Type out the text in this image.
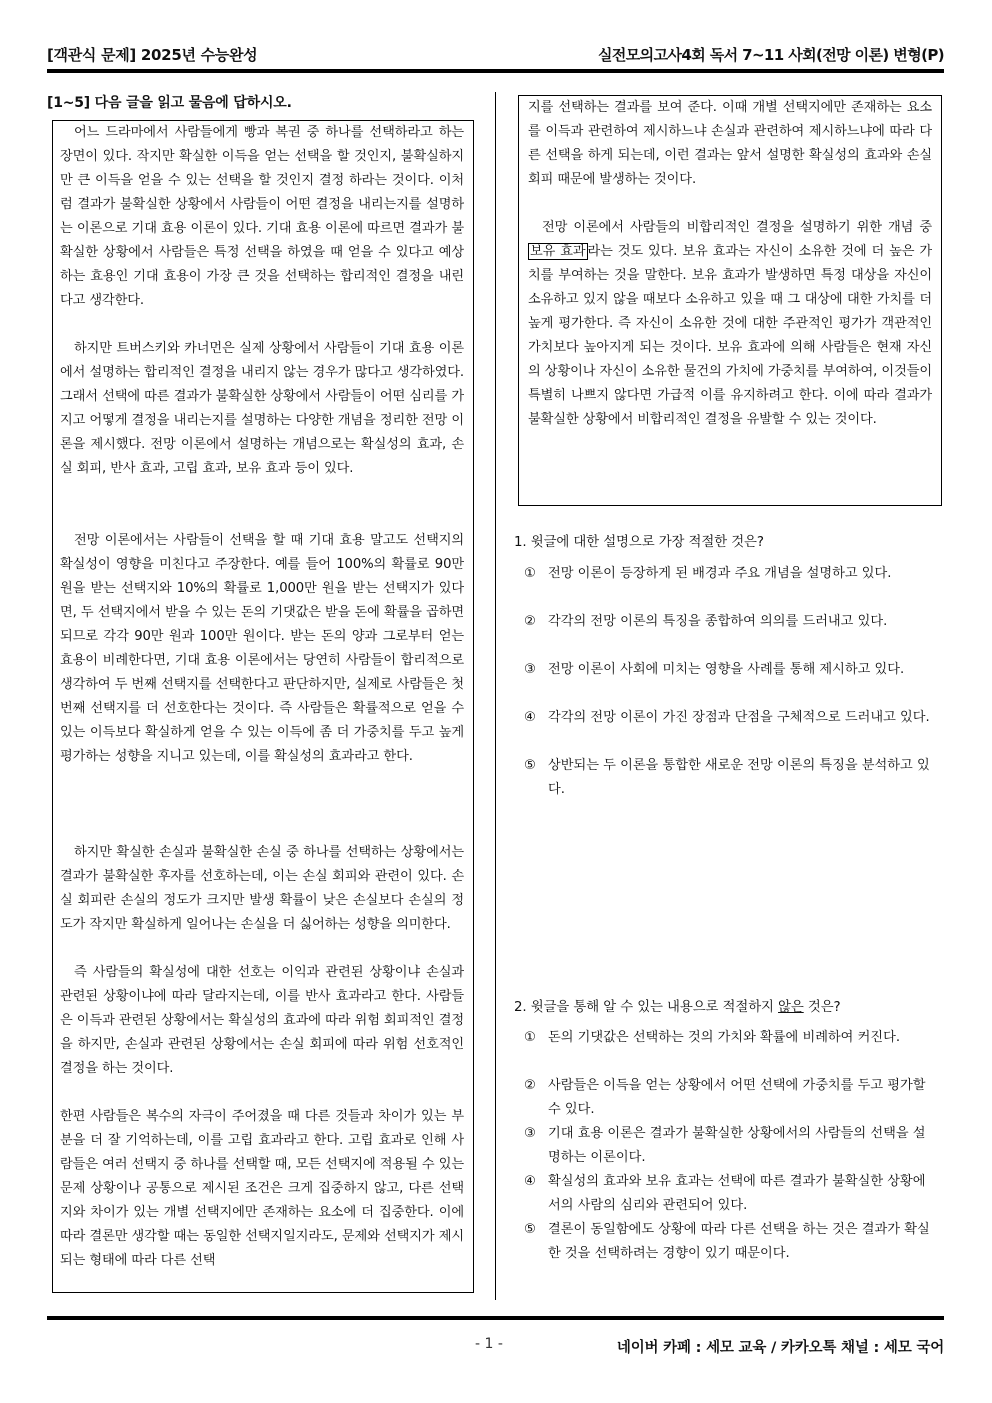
[객관식 문제] 2025년 수능완성	실전모의고사4회 독서 7~11 사회(전망 이론) 변형(P)
[1~5] 다음 글을 읽고 물음에 답하시오.

어느 드라마에서 사람들에게 빵과 복권 중 하나를 선택하라고 하는 장면이 있다. 작지만 확실한 이득을 얻는 선택을 할 것인지, 불확실하지만 큰 이득을 얻을 수 있는 선택을 할 것인지 결정 하라는 것이다. 이처럼 결과가 불확실한 상황에서 사람들이 어떤 결정을 내리는지를 설명하는 이론으로 기대 효용 이론이 있다. 기대 효용 이론에 따르면 결과가 불확실한 상황에서 사람들은 특정 선택을 하였을 때 얻을 수 있다고 예상하는 효용인 기대 효용이 가장 큰 것을 선택하는 합리적인 결정을 내린다고 생각한다.

하지만 트버스키와 카너먼은 실제 상황에서 사람들이 기대 효용 이론에서 설명하는 합리적인 결정을 내리지 않는 경우가 많다고 생각하였다. 그래서 선택에 따른 결과가 불확실한 상황에서 사람들이 어떤 심리를 가지고 어떻게 결정을 내리는지를 설명하는 다양한 개념을 정리한 전망 이론을 제시했다. 전망 이론에서 설명하는 개념으로는 확실성의 효과, 손실 회피, 반사 효과, 고립 효과, 보유 효과 등이 있다.

전망 이론에서는 사람들이 선택을 할 때 기대 효용 말고도 선택지의 확실성이 영향을 미친다고 주장한다. 예를 들어 100%의 확률로 90만 원을 받는 선택지와 10%의 확률로 1,000만 원을 받는 선택지가 있다면, 두 선택지에서 받을 수 있는 돈의 기댓값은 받을 돈에 확률을 곱하면 되므로 각각 90만 원과 100만 원이다. 받는 돈의 양과 그로부터 얻는 효용이 비례한다면, 기대 효용 이론에서는 당연히 사람들이 합리적으로 생각하여 두 번째 선택지를 선택한다고 판단하지만, 실제로 사람들은 첫 번째 선택지를 더 선호한다는 것이다. 즉 사람들은 확률적으로 얻을 수 있는 이득보다 확실하게 얻을 수 있는 이득에 좀 더 가중치를 두고 높게 평가하는 성향을 지니고 있는데, 이를 확실성의 효과라고 한다.

하지만 확실한 손실과 불확실한 손실 중 하나를 선택하는 상황에서는 결과가 불확실한 후자를 선호하는데, 이는 손실 회피와 관련이 있다. 손실 회피란 손실의 정도가 크지만 발생 확률이 낮은 손실보다 손실의 정도가 작지만 확실하게 일어나는 손실을 더 싫어하는 성향을 의미한다.

즉 사람들의 확실성에 대한 선호는 이익과 관련된 상황이냐 손실과 관련된 상황이냐에 따라 달라지는데, 이를 반사 효과라고 한다. 사람들은 이득과 관련된 상황에서는 확실성의 효과에 따라 위험 회피적인 결정을 하지만, 손실과 관련된 상황에서는 손실 회피에 따라 위험 선호적인 결정을 하는 것이다.

한편 사람들은 복수의 자극이 주어졌을 때 다른 것들과 차이가 있는 부분을 더 잘 기억하는데, 이를 고립 효과라고 한다. 고립 효과로 인해 사람들은 여러 선택지 중 하나를 선택할 때, 모든 선택지에 적용될 수 있는 문제 상황이나 공통으로 제시된 조건은 크게 집중하지 않고, 다른 선택지와 차이가 있는 개별 선택지에만 존재하는 요소에 더 집중한다. 이에 따라 결론만 생각할 때는 동일한 선택지일지라도, 문제와 선택지가 제시되는 형태에 따라 다른 선택

지를 선택하는 결과를 보여 준다. 이때 개별 선택지에만 존재하는 요소를 이득과 관련하여 제시하느냐 손실과 관련하여 제시하느냐에 따라 다른 선택을 하게 되는데, 이런 결과는 앞서 설명한 확실성의 효과와 손실 회피 때문에 발생하는 것이다.

전망 이론에서 사람들의 비합리적인 결정을 설명하기 위한 개념 중 보유 효과 라는 것도 있다. 보유 효과는 자신이 소유한 것에 더 높은 가치를 부여하는 것을 말한다. 보유 효과가 발생하면 특정 대상을 자신이 소유하고 있지 않을 때보다 소유하고 있을 때 그 대상에 대한 가치를 더 높게 평가한다. 즉 자신이 소유한 것에 대한 주관적인 평가가 객관적인 가치보다 높아지게 되는 것이다. 보유 효과에 의해 사람들은 현재 자신의 상황이나 자신이 소유한 물건의 가치에 가중치를 부여하여, 이것들이 특별히 나쁘지 않다면 가급적 이를 유지하려고 한다. 이에 따라 결과가 불확실한 상황에서 비합리적인 결정을 유발할 수 있는 것이다.

1. 윗글에 대한 설명으로 가장 적절한 것은?
① 전망 이론이 등장하게 된 배경과 주요 개념을 설명하고 있다.
② 각각의 전망 이론의 특징을 종합하여 의의를 드러내고 있다.
③ 전망 이론이 사회에 미치는 영향을 사례를 통해 제시하고 있다.
④ 각각의 전망 이론이 가진 장점과 단점을 구체적으로 드러내고 있다.
⑤ 상반되는 두 이론을 통합한 새로운 전망 이론의 특징을 분석하고 있다.
2. 윗글을 통해 알 수 있는 내용으로 적절하지 않은 것은?
① 돈의 기댓값은 선택하는 것의 가치와 확률에 비례하여 커진다.
② 사람들은 이득을 얻는 상황에서 어떤 선택에 가중치를 두고 평가할 수 있다.
③ 기대 효용 이론은 결과가 불확실한 상황에서의 사람들의 선택을 설명하는 이론이다.
④ 확실성의 효과와 보유 효과는 선택에 따른 결과가 불확실한 상황에서의 사람의 심리와 관련되어 있다.
⑤ 결론이 동일함에도 상황에 따라 다른 선택을 하는 것은 결과가 확실한 것을 선택하려는 경향이 있기 때문이다.
- 1 -	네이버 카페 : 세모 교육 / 카카오톡 채널 : 세모 국어
